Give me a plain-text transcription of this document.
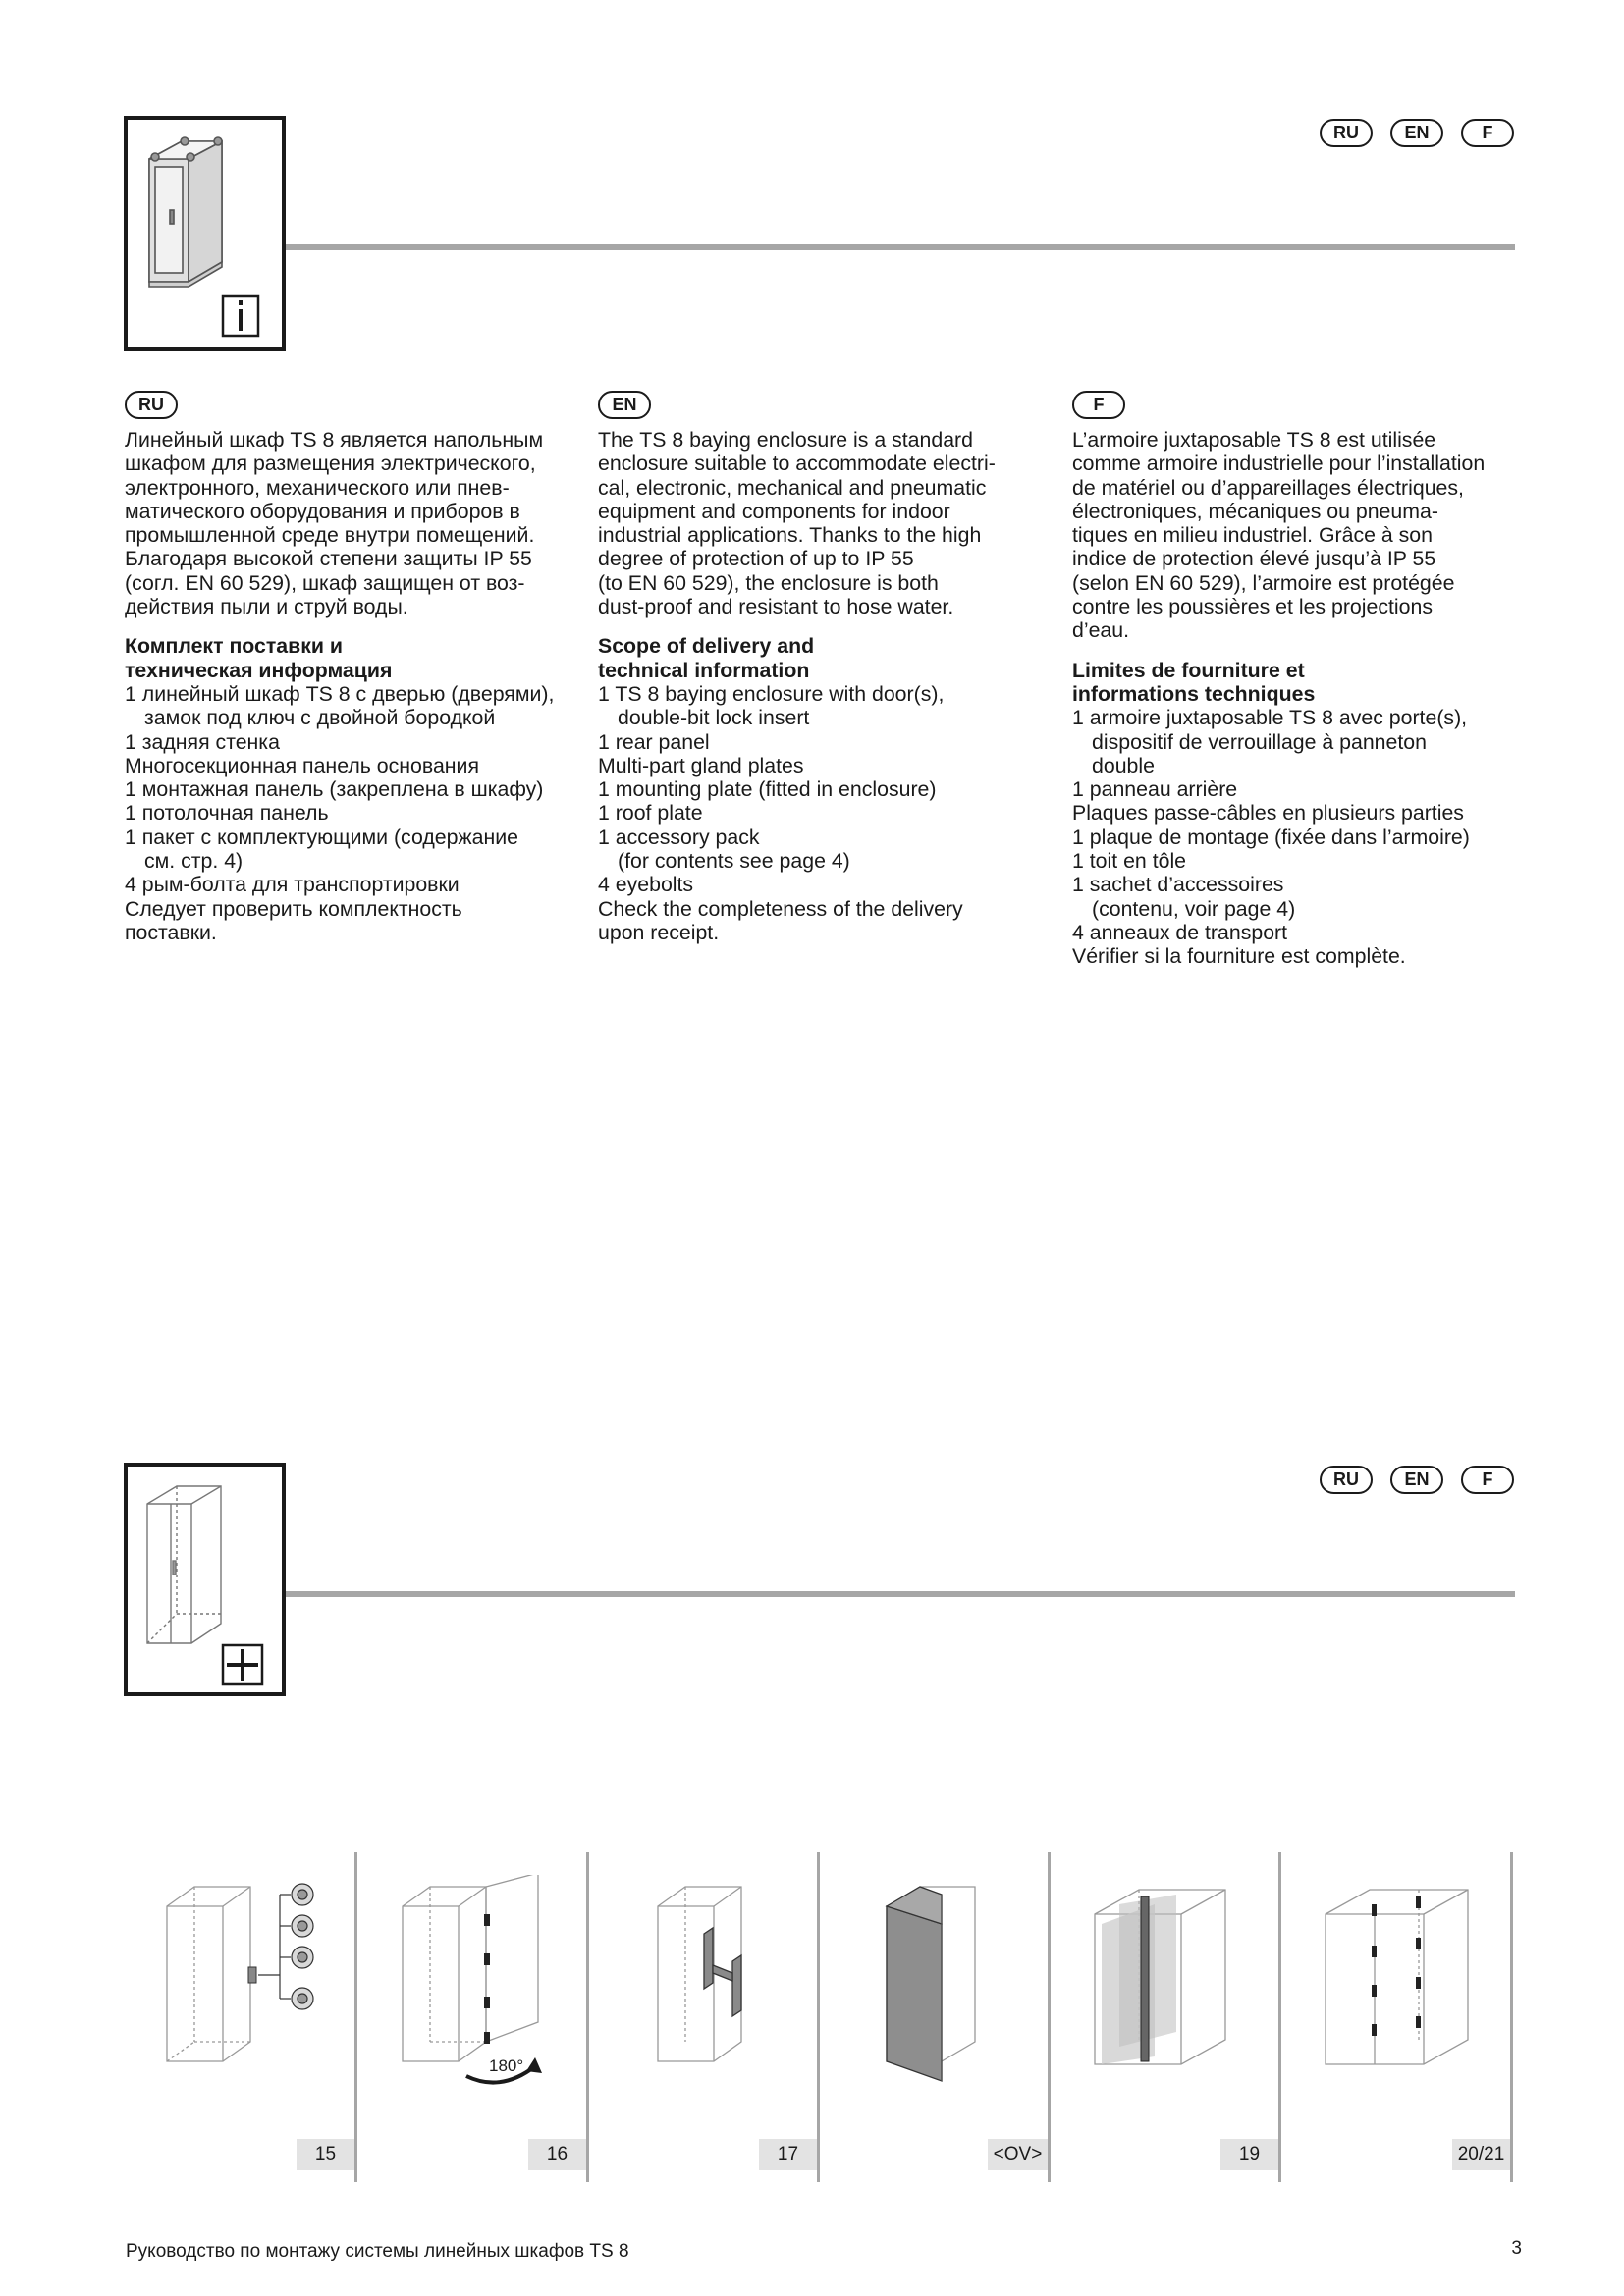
RU	EN	F
RU
Линейный шкаф TS 8 является напольным
шкафом для размещения электрического,
электронного, механического или пнев-
матического оборудования и приборов в
промышленной среде внутри помещений.
Благодаря высокой степени защиты IP 55
(согл. EN 60 529), шкаф защищен от воз-
действия пыли и струй воды.
Комплект поставки и
техническая информация
1 линейный шкаф TS 8 с дверью (дверями),
замок под ключ с двойной бородкой
1 задняя стенка
Многосекционная панель основания
1 монтажная панель (закреплена в шкафу)
1 потолочная панель
1 пакет с комплектующими (содержание
см. стр. 4)
4 рым-болта для транспортировки
Следует проверить комплектность
поставки.
EN
The TS 8 baying enclosure is a standard
enclosure suitable to accommodate electri-
cal, electronic, mechanical and pneumatic
equipment and components for indoor
industrial applications. Thanks to the high
degree of protection of up to IP 55
(to EN 60 529), the enclosure is both
dust-proof and resistant to hose water.
Scope of delivery and
technical information
1 TS 8 baying enclosure with door(s),
double-bit lock insert
1 rear panel
Multi-part gland plates
1 mounting plate (fitted in enclosure)
1 roof plate
1 accessory pack
(for contents see page 4)
4 eyebolts
Check the completeness of the delivery
upon receipt.
F
L’armoire juxtaposable TS 8 est utilisée
comme armoire industrielle pour l’installation
de matériel ou d’appareillages électriques,
électroniques, mécaniques ou pneuma-
tiques en milieu industriel. Grâce à son
indice de protection élevé jusqu’à IP 55
(selon EN 60 529), l’armoire est protégée
contre les poussières et les projections
d’eau.
Limites de fourniture et
informations techniques
1 armoire juxtaposable TS 8 avec porte(s),
dispositif de verrouillage à panneton
double
1 panneau arrière
Plaques passe-câbles en plusieurs parties
1 plaque de montage (fixée dans l’armoire)
1 toit en tôle
1 sachet d’accessoires
(contenu, voir page 4)
4 anneaux de transport
Vérifier si la fourniture est complète.
RU	EN	F
180°
15	16	17	<OV>	19	20/21
Руководство по монтажу системы линейных шкафов TS 8	3
